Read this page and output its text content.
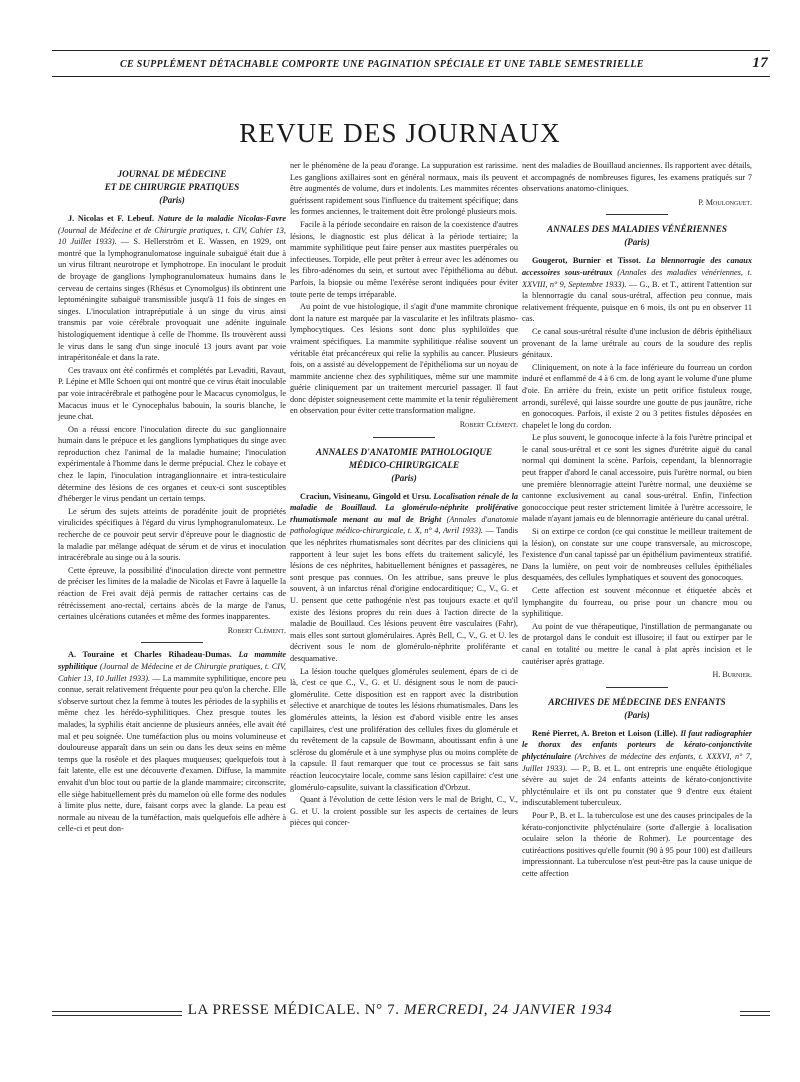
CE SUPPLÉMENT DÉTACHABLE COMPORTE UNE PAGINATION SPÉCIALE ET UNE TABLE SEMESTRIELLE	17
REVUE DES JOURNAUX
JOURNAL DE MÉDECINE
ET DE CHIRURGIE PRATIQUES
(Paris)

J. Nicolas et F. Lebeuf. Nature de la maladie Nicolas-Favre (Journal de Médecine et de Chirurgie pratiques, t. CIV, Cahier 13, 10 Juillet 1933). — S. Hellerström et E. Wassen, en 1929, ont montré que la lymphogranulomatose inguinale subaiguë était due à un virus filtrant neurotrope et lymphotrope. En inoculant le produit de broyage de ganglions lymphogranulomateux humains dans le cerveau de certains singes (Rhésus et Cynomolgus) ils obtinrent une leptoméningite subaiguë transmissible jusqu'à 11 fois de singes en singes. L'inoculation intrapréputiale à un singe du virus ainsi transmis par voie cérébrale provoquait une adénite inguinale histologiquement identique à celle de l'homme. Ils trouvèrent aussi le virus dans le sang d'un singe inoculé 13 jours avant par voie intrapéritonéale et dans la rate.

Ces travaux ont été confirmés et complétés par Levaditi, Ravaut, P. Lépine et Mlle Schoen qui ont montré que ce virus était inoculable par voie intracérébrale et pathogène pour le Macacus cynomolgus, le Macacus inuus et le Cynocephalus babouin, la souris blanche, le jeune chat.

On a réussi encore l'inoculation directe du suc ganglionnaire humain dans le prépuce et les ganglions lymphatiques du singe avec reproduction chez l'animal de la maladie humaine; l'inoculation expérimentale à l'homme dans le derme prépucial. Chez le cobaye et chez le lapin, l'inoculation intraganglionnaire et intra-testiculaire détermine des lésions de ces organes et ceux-ci sont susceptibles d'héberger le virus pendant un certain temps.

Le sérum des sujets atteints de poradénite jouit de propriétés virulicides spécifiques à l'égard du virus lymphogranulomateux. Le recherche de ce pouvoir peut servir d'épreuve pour le diagnostic de la maladie par mélange adéquat de sérum et de virus et inoculation intracérébrale au singe ou à la souris.

Cette épreuve, la possibilité d'inoculation directe vont permettre de préciser les limites de la maladie de Nicolas et Favre à laquelle la réaction de Frei avait déjà permis de rattacher certains cas de rétrécissement ano-rectal, certains abcès de la marge de l'anus, certaines ulcérations cutanées et même des formes inapparentes.

Robert Clément.

A. Touraine et Charles Rihadeau-Dumas. La mammite syphilitique (Journal de Médecine et de Chirurgie pratiques, t. CIV, Cahier 13, 10 Juillet 1933). — La mammite syphilitique, encore peu connue, serait relativement fréquente pour peu qu'on la cherche. Elle s'observe surtout chez la femme à toutes les périodes de la syphilis et même chez les hérédo-syphilitiques. Chez presque toutes les malades, la syphilis était ancienne de plusieurs années, elle avait été mal et peu soignée. Une tuméfaction plus ou moins volumineuse et douloureuse apparaît dans un sein ou dans les deux seins en même temps que la roséole et des plaques muqueuses; quelquefois tout à fait latente, elle est une découverte d'examen. Diffuse, la mammite envahit d'un bloc tout ou partie de la glande mammaire; circonscrite, elle siège habituellement près du mamelon où elle forme des nodules à limite plus nette, dure, faisant corps avec la glande. La peau est normale au niveau de la tuméfaction, mais quelquefois elle adhère à celle-ci et peut don-

ner le phénomène de la peau d'orange. La suppuration est rarissime. Les ganglions axillaires sont en général normaux, mais ils peuvent être augmentés de volume, durs et indolents. Les mammites récentes guérissent rapidement sous l'influence du traitement spécifique; dans les formes anciennes, le traitement doit être prolongé plusieurs mois.

Facile à la période secondaire en raison de la coexistence d'autres lésions, le diagnostic est plus délicat à la période tertiaire; la mammite syphilitique peut faire penser aux mastites puerpérales ou infectieuses. Torpide, elle peut prêter à erreur avec les adénomes ou les fibro-adénomes du sein, et surtout avec l'épithélioma au début. Parfois, la biopsie ou même l'exérèse seront indiquées pour éviter toute perte de temps irréparable.

Au point de vue histologique, il s'agit d'une mammite chronique dont la nature est marquée par la vascularite et les infiltrats plasmo-lymphocytiques. Ces lésions sont donc plus syphiloïdes que vraiment spécifiques. La mammite syphilitique réalise souvent un véritable état précancéreux qui relie la syphilis au cancer. Plusieurs fois, on a assisté au développement de l'épithélioma sur un noyau de mammite ancienne chez des syphilitiques, même sur une mammite guérie cliniquement par un traitement mercuriel passager. Il faut donc dépister soigneusement cette mammite et la tenir régulièrement en observation pour éviter cette transformation maligne.

Robert Clément.
ANNALES D'ANATOMIE PATHOLOGIQUE
MÉDICO-CHIRURGICALE
(Paris)

Craciun, Visineanu, Gingold et Ursu. Localisation rénale de la maladie de Bouillaud. La glomérulo-néphrite proliférative rhumatismale menant au mal de Bright (Annales d'anatomie pathologique médico-chirurgicale, t. X, n° 4, Avril 1933). — Tandis que les néphrites rhumatismales sont décrites par des cliniciens qui rapportent à leur sujet les bons effets du traitement salicylé, les lésions de ces néphrites, habituellement bénignes et passagères, ne sont presque pas connues. On les attribue, sans preuve le plus souvent, à un infarctus rénal d'origine endocarditique; C., V., G. et U. pensent que cette pathogénie n'est pas toujours exacte et qu'il existe des lésions propres du rein dues à l'action directe de la maladie de Bouillaud. Ces lésions peuvent être vasculaires (Fahr), mais elles sont surtout glomérulaires. Après Bell, C., V., G. et U. les décrivent sous le nom de glomérulo-néphrite proliférante et desquamative.

La lésion touche quelques glomérules seulement, épars de ci de là, c'est ce que C., V., G. et U. désignent sous le nom de pauci-glomérulite. Cette disposition est en rapport avec la distribution sélective et anarchique de toutes les lésions rhumatismales. Dans les glomérules atteints, la lésion est d'abord visible entre les anses capillaires, c'est une prolifération des cellules fixes du glomérule et du revêtement de la capsule de Bowmann, aboutissant enfin à une sclérose du glomérule et à une symphyse plus ou moins complète de la capsule. Il faut remarquer que tout ce processus se fait sans réaction leucocytaire locale, comme sans lésion capillaire: c'est une glomérulo-capsulite, suivant la classification d'Orbzut.

Quant à l'évolution de cette lésion vers le mal de Bright, C., V., G. et U. la croient possible sur les aspects de certaines de leurs pièces qui concer-

nent des maladies de Bouillaud anciennes. Ils rapportent avec détails, et accompagnés de nombreuses figures, les examens pratiqués sur 7 observations anatomo-cliniques.

P. Moulonguet.
ANNALES DES MALADIES VÉNÉRIENNES
(Paris)

Gougerot, Burnier et Tissot. La blennorragie des canaux accessoires sous-urétraux (Annales des maladies vénériennes, t. XXVIII, n° 9, Septembre 1933). — G., B. et T., attirent l'attention sur la blennorragie du canal sous-urétral, affection peu connue, mais relativement fréquente, puisque en 6 mois, ils ont pu en observer 11 cas.

Ce canal sous-urétral résulte d'une inclusion de débris épithéliaux provenant de la lame urétrale au cours de la soudure des replis génitaux.

Cliniquement, on note à la face inférieure du fourreau un cordon induré et enflammé de 4 à 6 cm. de long ayant le volume d'une plume d'oie. En arrière du frein, existe un petit orifice fistuleux rouge, arrondi, surélevé, qui laisse sourdre une goutte de pus jaunâtre, riche en gonocoques. Parfois, il existe 2 ou 3 petites fistules déposées en chapelet le long du cordon.

Le plus souvent, le gonocoque infecte à la fois l'urètre principal et le canal sous-urétral et ce sont les signes d'urétrite aiguë du canal normal qui dominent la scène. Parfois, cependant, la blennorragie peut frapper d'abord le canal accessoire, puis l'urètre normal, ou bien une première blennorragie atteint l'urètre normal, une deuxième se cantonne exclusivement au canal sous-urétral. Enfin, l'infection gonococcique peut rester strictement limitée à l'urètre accessoire, le malade n'ayant jamais eu de blennorragie antérieure du canal urétral.

Si on extirpe ce cordon (ce qui constitue le meilleur traitement de la lésion), on constate sur une coupe transversale, au microscope, l'existence d'un canal tapissé par un épithélium pavimenteux stratifié. Dans la lumière, on peut voir de nombreuses cellules épithéliales desquamées, des cellules lymphatiques et souvent des gonocoques.

Cette affection est souvent méconnue et étiquetée abcès et lymphangite du fourreau, ou prise pour un chancre mou ou syphilitique.

Au point de vue thérapeutique, l'instillation de permanganate ou de protargol dans le conduit est illusoire; il faut ou extirper par le canal en totalité ou mettre le canal à plat après incision et le cautériser après grattage.

H. Burnier.
ARCHIVES DE MÉDECINE DES ENFANTS
(Paris)

René Pierret, A. Breton et Loison (Lille). Il faut radiographier le thorax des enfants porteurs de kérato-conjonctivite phlycténulaire (Archives de médecine des enfants, t. XXXVI, n° 7, Juillet 1933). — P., B. et L. ont entrepris une enquête étiologique sévère au sujet de 24 enfants atteints de kérato-conjonctivite phlycténulaire et ils ont pu constater que 9 d'entre eux étaient indiscutablement tuberculeux.

Pour P., B. et L. la tuberculose est une des causes principales de la kérato-conjonctivite phlycténulaire (sorte d'allergie à localisation oculaire selon la théorie de Rohmer). Le pourcentage des cutiréactions positives qu'elle fournit (90 à 95 pour 100) est d'ailleurs impressionnant. La tuberculose n'est peut-être pas la cause unique de cette affection

LA PRESSE MÉDICALE. N° 7. MERCREDI, 24 JANVIER 1934
